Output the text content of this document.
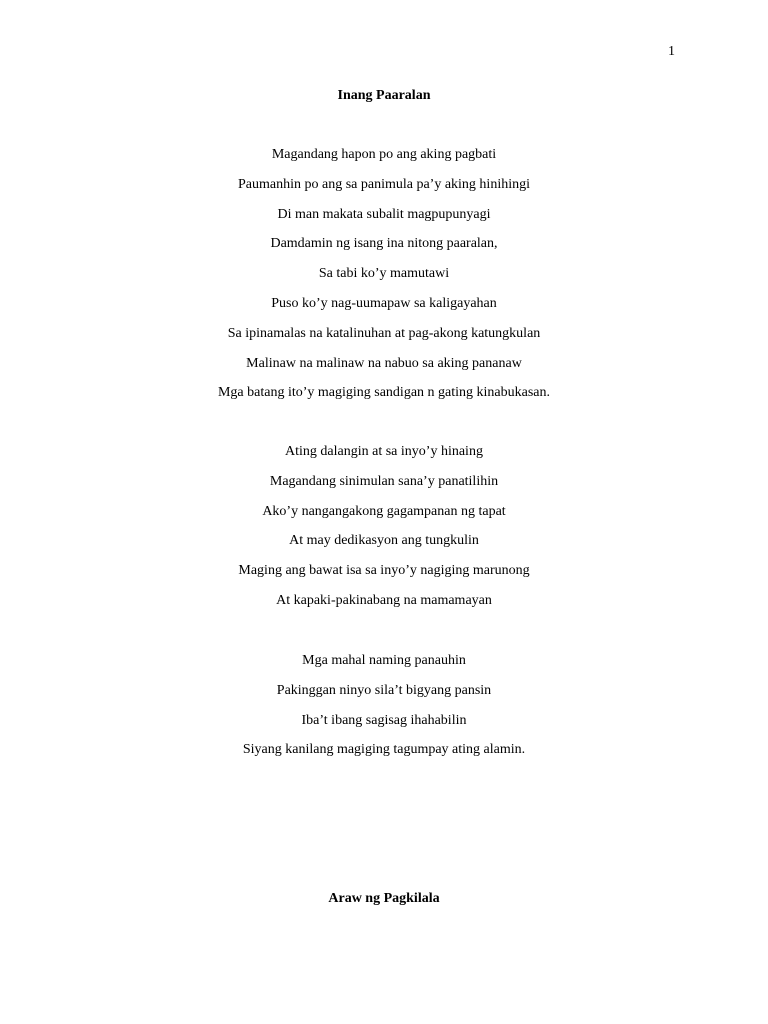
1
Inang Paaralan
Magandang hapon po ang aking pagbati
Paumanhin po ang sa panimula pa’y aking hinihingi
Di man makata subalit magpupunyagi
Damdamin ng isang ina nitong paaralan,
Sa tabi ko’y mamutawi
Puso ko’y nag-uumapaw sa kaligayahan
Sa ipinamalas na katalinuhan at pag-akong katungkulan
Malinaw na malinaw na nabuo sa aking pananaw
Mga batang ito’y magiging sandigan n gating kinabukasan.
Ating dalangin at sa inyo’y hinaing
Magandang sinimulan sana’y panatilihin
Ako’y nangangakong gagampanan ng tapat
At may dedikasyon ang tungkulin
Maging ang bawat isa sa inyo’y nagiging marunong
At kapaki-pakinabang na mamamayan
Mga mahal naming panauhin
Pakinggan ninyo sila’t bigyang pansin
Iba’t ibang sagisag ihahabilin
Siyang kanilang magiging tagumpay ating alamin.
Araw ng Pagkilala
